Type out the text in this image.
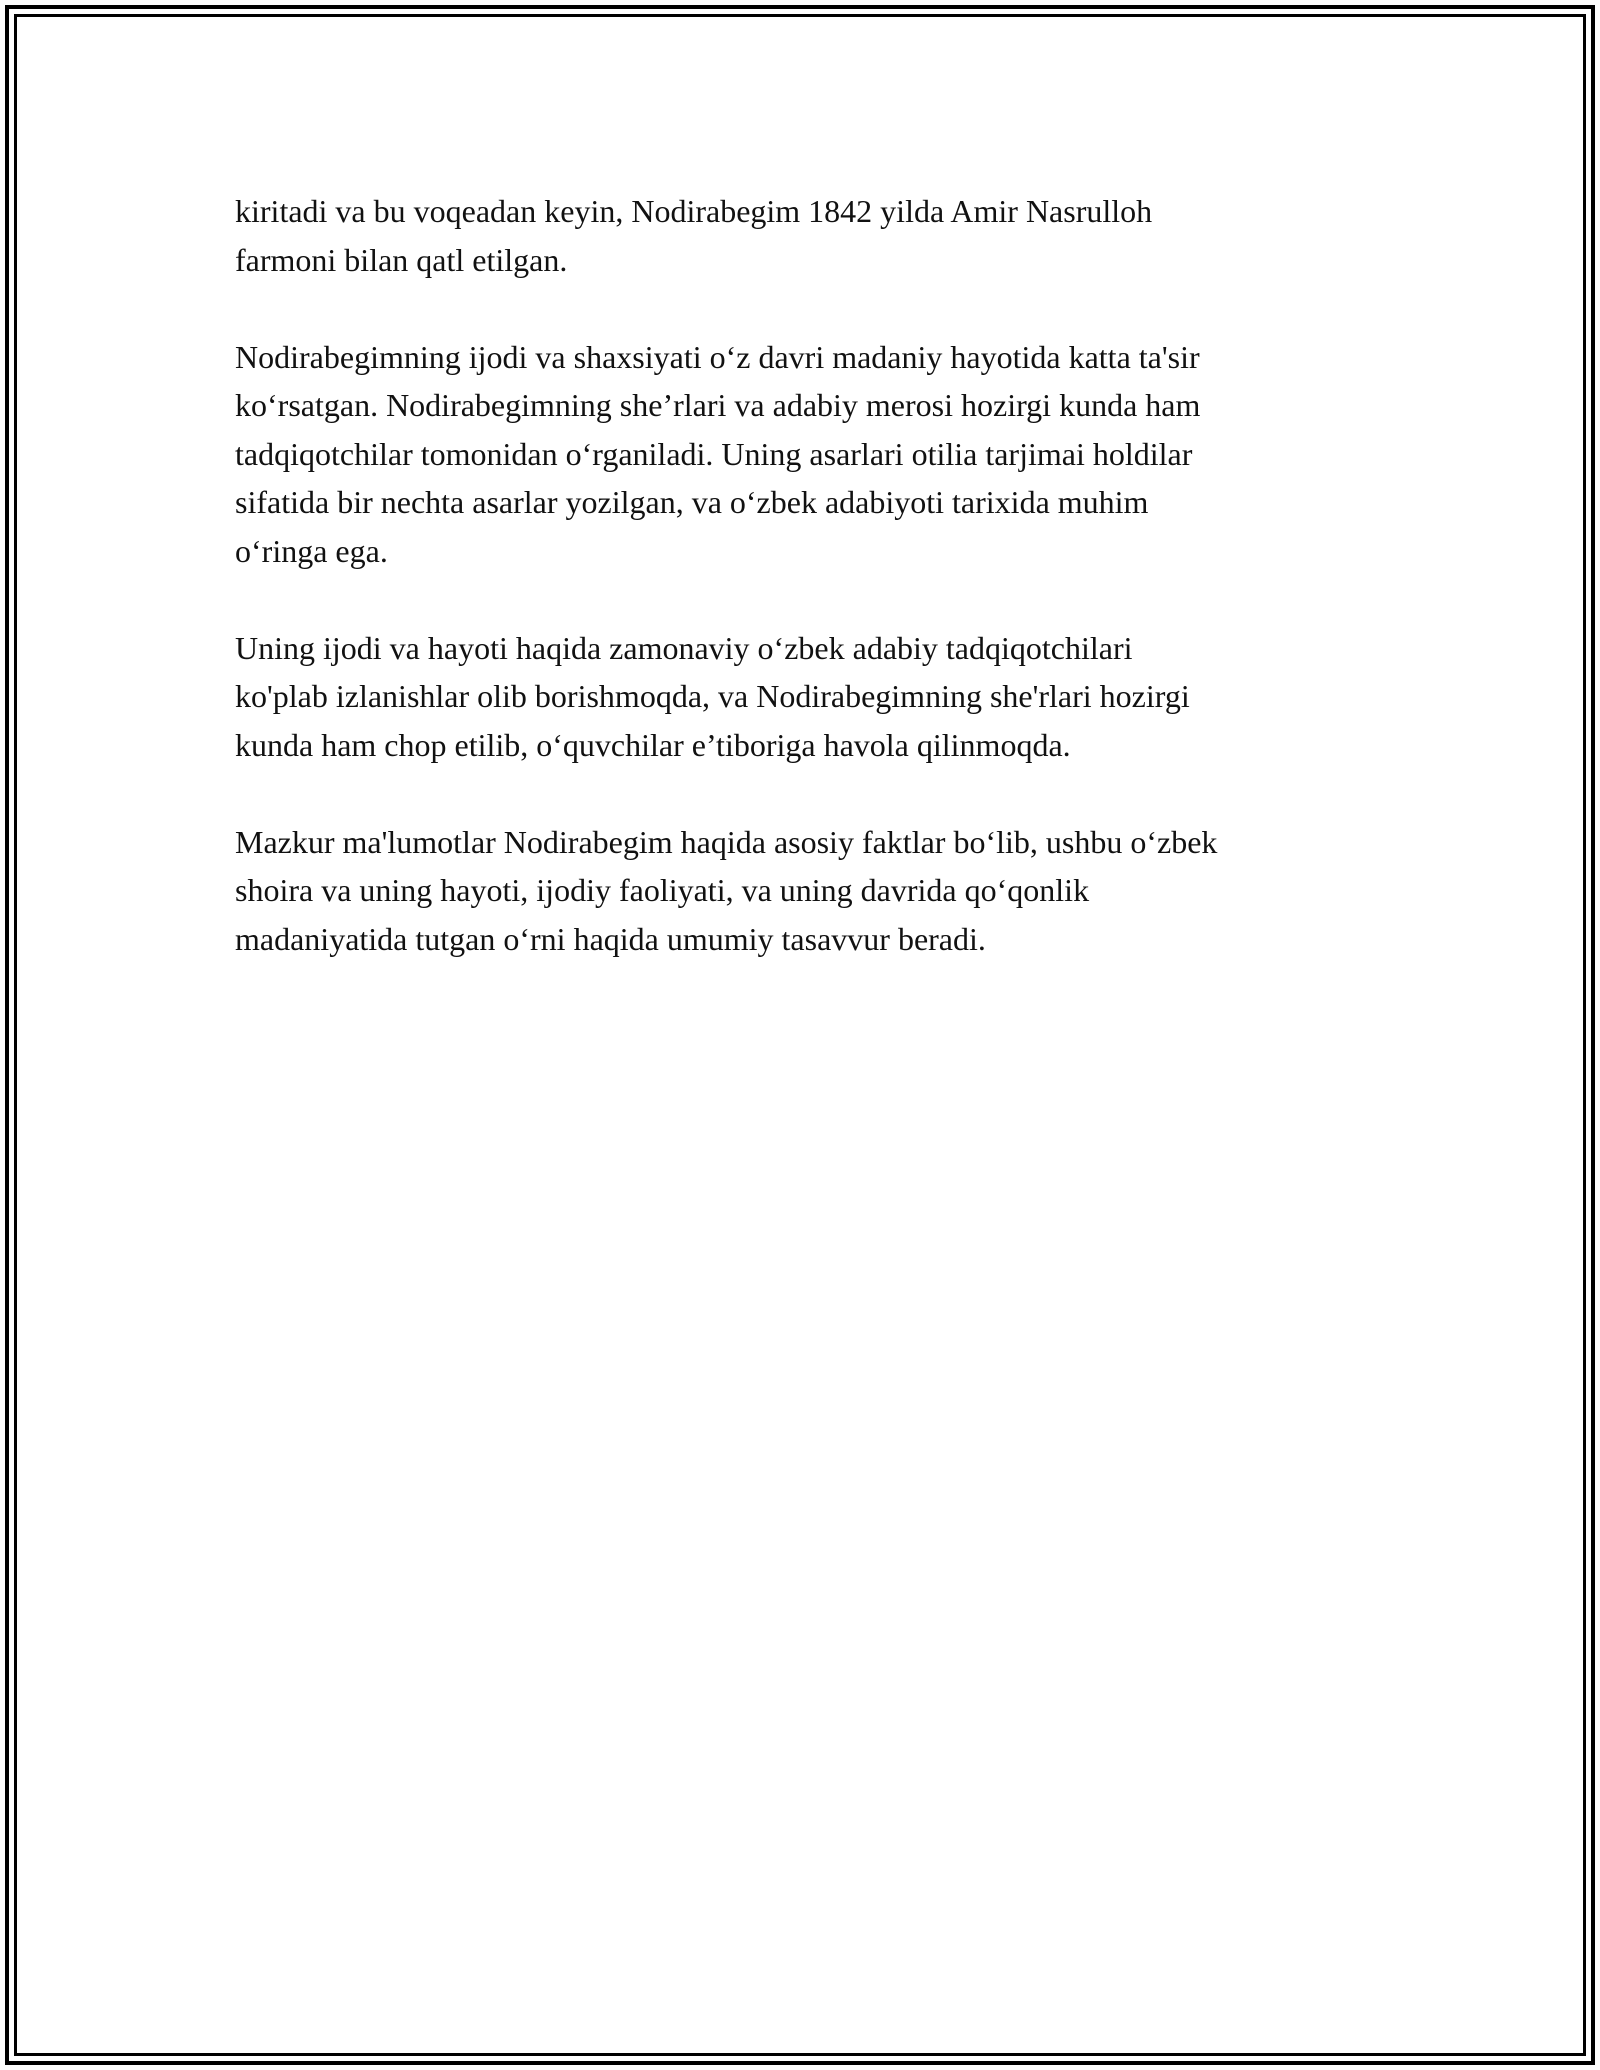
kiritadi va bu voqeadan keyin, Nodirabegim 1842 yilda Amir Nasrulloh
farmoni bilan qatl etilgan.

Nodirabegimning ijodi va shaxsiyati o‘z davri madaniy hayotida katta ta'sir
ko‘rsatgan. Nodirabegimning she’rlari va adabiy merosi hozirgi kunda ham
tadqiqotchilar tomonidan o‘rganiladi. Uning asarlari otilia tarjimai holdilar
sifatida bir nechta asarlar yozilgan, va o‘zbek adabiyoti tarixida muhim
o‘ringa ega.

Uning ijodi va hayoti haqida zamonaviy o‘zbek adabiy tadqiqotchilari
ko'plab izlanishlar olib borishmoqda, va Nodirabegimning she'rlari hozirgi
kunda ham chop etilib, o‘quvchilar e’tiboriga havola qilinmoqda.

Mazkur ma'lumotlar Nodirabegim haqida asosiy faktlar bo‘lib, ushbu o‘zbek
shoira va uning hayoti, ijodiy faoliyati, va uning davrida qo‘qonlik
madaniyatida tutgan o‘rni haqida umumiy tasavvur beradi.
